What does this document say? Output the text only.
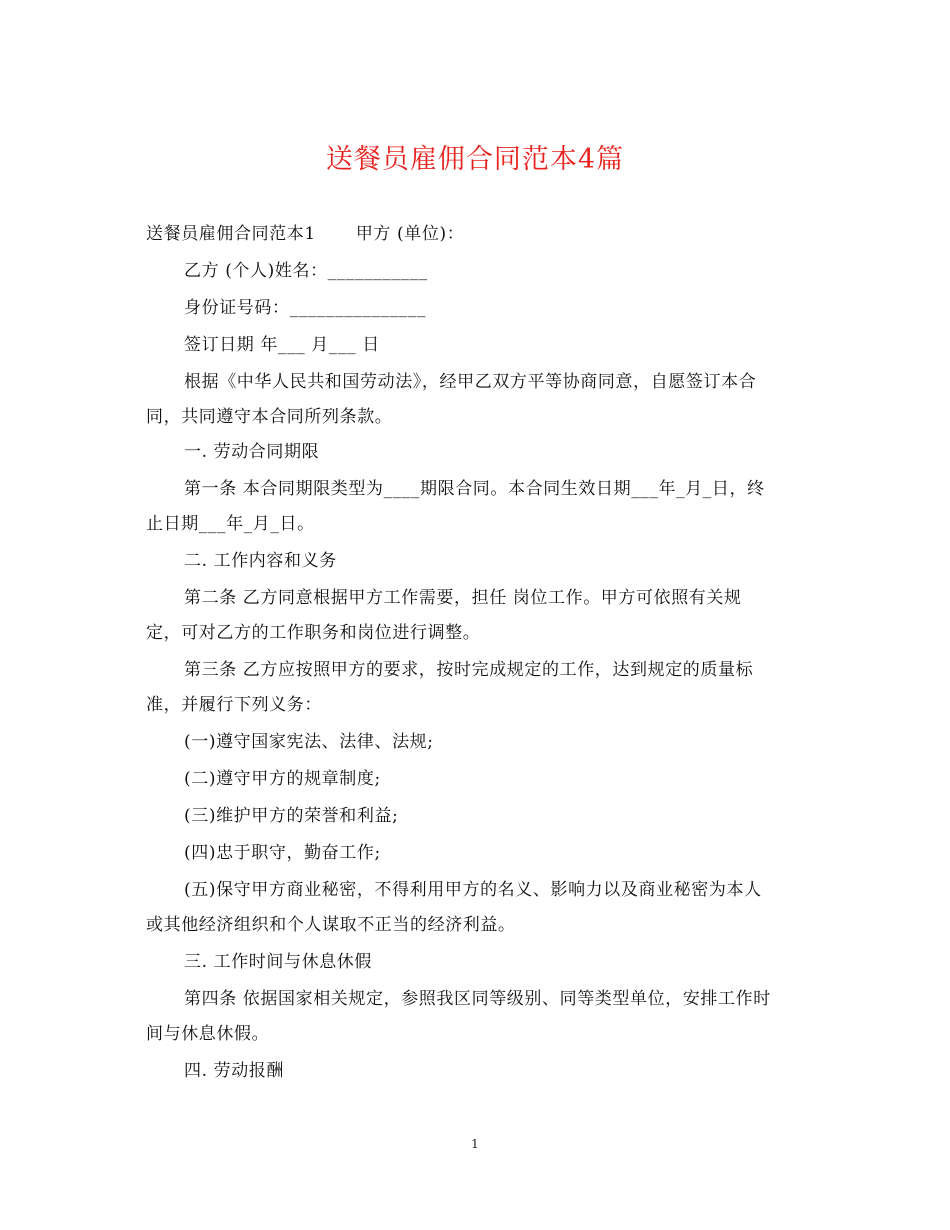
送餐员雇佣合同范本4篇
送餐员雇佣合同范本1 甲方 (单位)：
乙方 (个人)姓名：___________
身份证号码：_______________
签订日期 年___ 月___ 日
根据《中华人民共和国劳动法》，经甲乙双方平等协商同意，自愿签订本合
同，共同遵守本合同所列条款。
一. 劳动合同期限
第一条 本合同期限类型为____期限合同。本合同生效日期___年_月_日，终
止日期___年_月_日。
二. 工作内容和义务
第二条 乙方同意根据甲方工作需要，担任 岗位工作。甲方可依照有关规
定，可对乙方的工作职务和岗位进行调整。
第三条 乙方应按照甲方的要求，按时完成规定的工作，达到规定的质量标
准，并履行下列义务：
(一)遵守国家宪法、法律、法规;
(二)遵守甲方的规章制度;
(三)维护甲方的荣誉和利益;
(四)忠于职守，勤奋工作;
(五)保守甲方商业秘密，不得利用甲方的名义、影响力以及商业秘密为本人
或其他经济组织和个人谋取不正当的经济利益。
三. 工作时间与休息休假
第四条 依据国家相关规定，参照我区同等级别、同等类型单位，安排工作时
间与休息休假。
四. 劳动报酬
1
